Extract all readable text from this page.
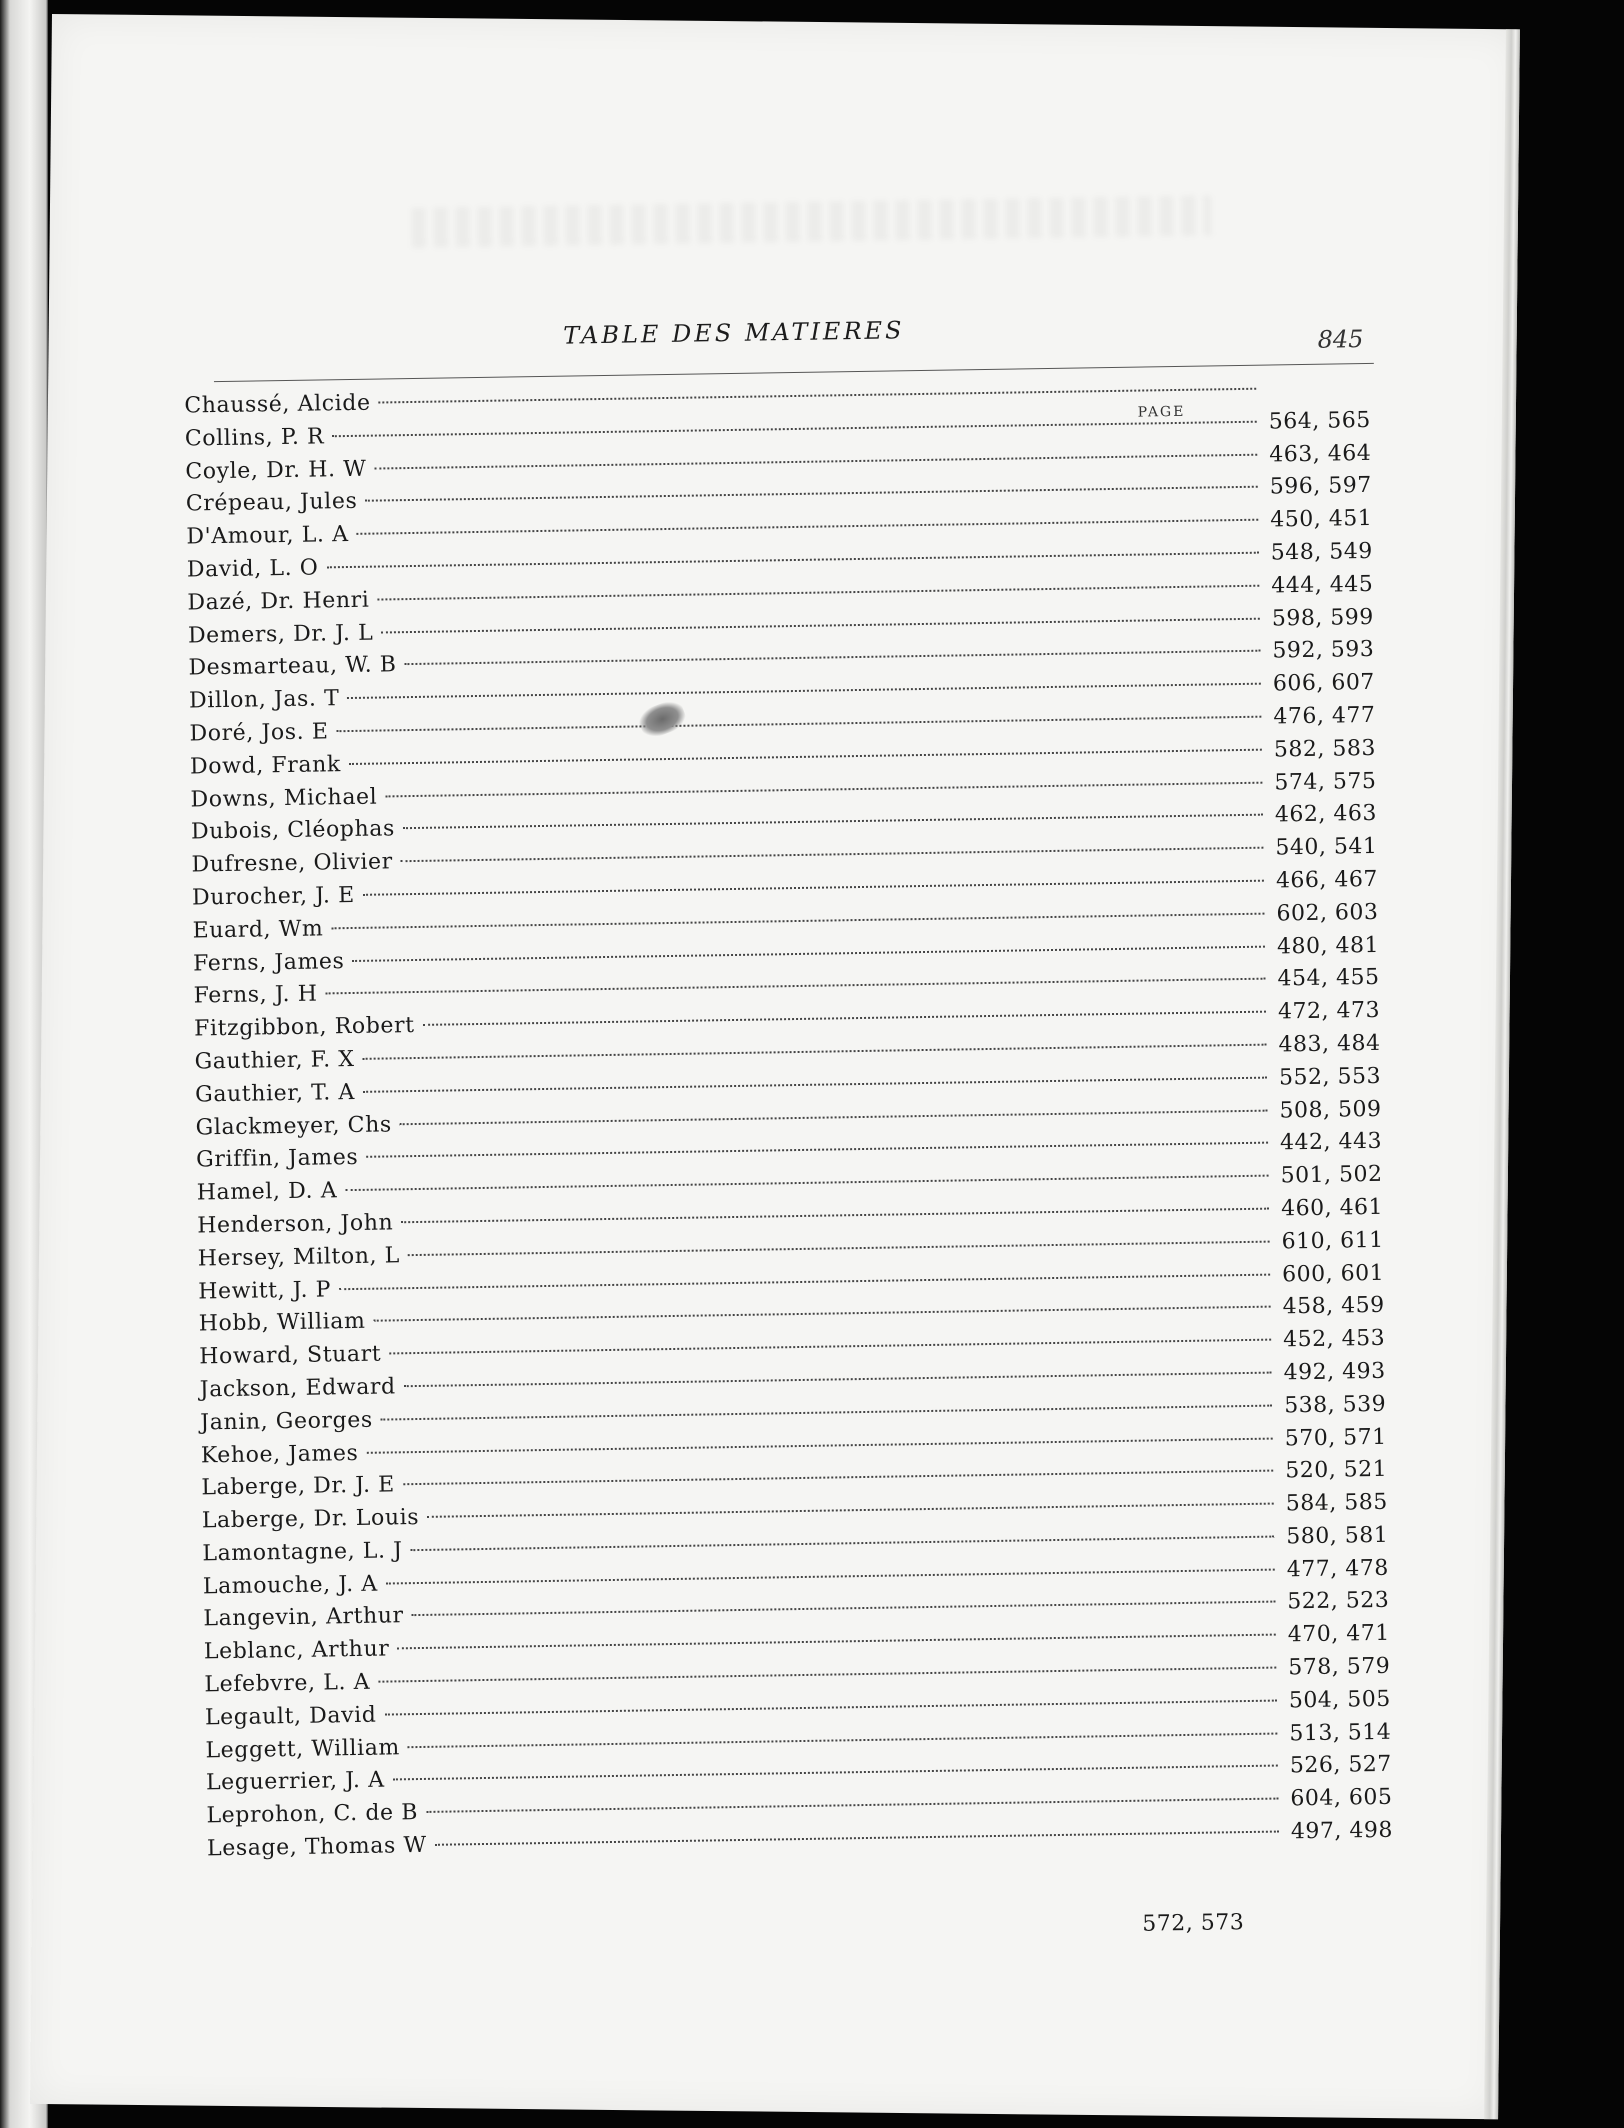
TABLE DES MATIERES	845
PAGE
Chaussé, Alcide
Collins, P. R
564, 565
Coyle, Dr. H. W
463, 464
Crépeau, Jules
596, 597
D'Amour, L. A
450, 451
David, L. O
548, 549
Dazé, Dr. Henri
444, 445
Demers, Dr. J. L
598, 599
Desmarteau, W. B
592, 593
Dillon, Jas. T
606, 607
Doré, Jos. E
476, 477
Dowd, Frank
582, 583
Downs, Michael
574, 575
Dubois, Cléophas
462, 463
Dufresne, Olivier
540, 541
Durocher, J. E
466, 467
Euard, Wm
602, 603
Ferns, James
480, 481
Ferns, J. H
454, 455
Fitzgibbon, Robert
472, 473
Gauthier, F. X
483, 484
Gauthier, T. A
552, 553
Glackmeyer, Chs
508, 509
Griffin, James
442, 443
Hamel, D. A
501, 502
Henderson, John
460, 461
Hersey, Milton, L
610, 611
Hewitt, J. P
600, 601
Hobb, William
458, 459
Howard, Stuart
452, 453
Jackson, Edward
492, 493
Janin, Georges
538, 539
Kehoe, James
570, 571
Laberge, Dr. J. E
520, 521
Laberge, Dr. Louis
584, 585
Lamontagne, L. J
580, 581
Lamouche, J. A
477, 478
Langevin, Arthur
522, 523
Leblanc, Arthur
470, 471
Lefebvre, L. A
578, 579
Legault, David
504, 505
Leggett, William
513, 514
Leguerrier, J. A
526, 527
Leprohon, C. de B
604, 605
Lesage, Thomas W
497, 498
572, 573
